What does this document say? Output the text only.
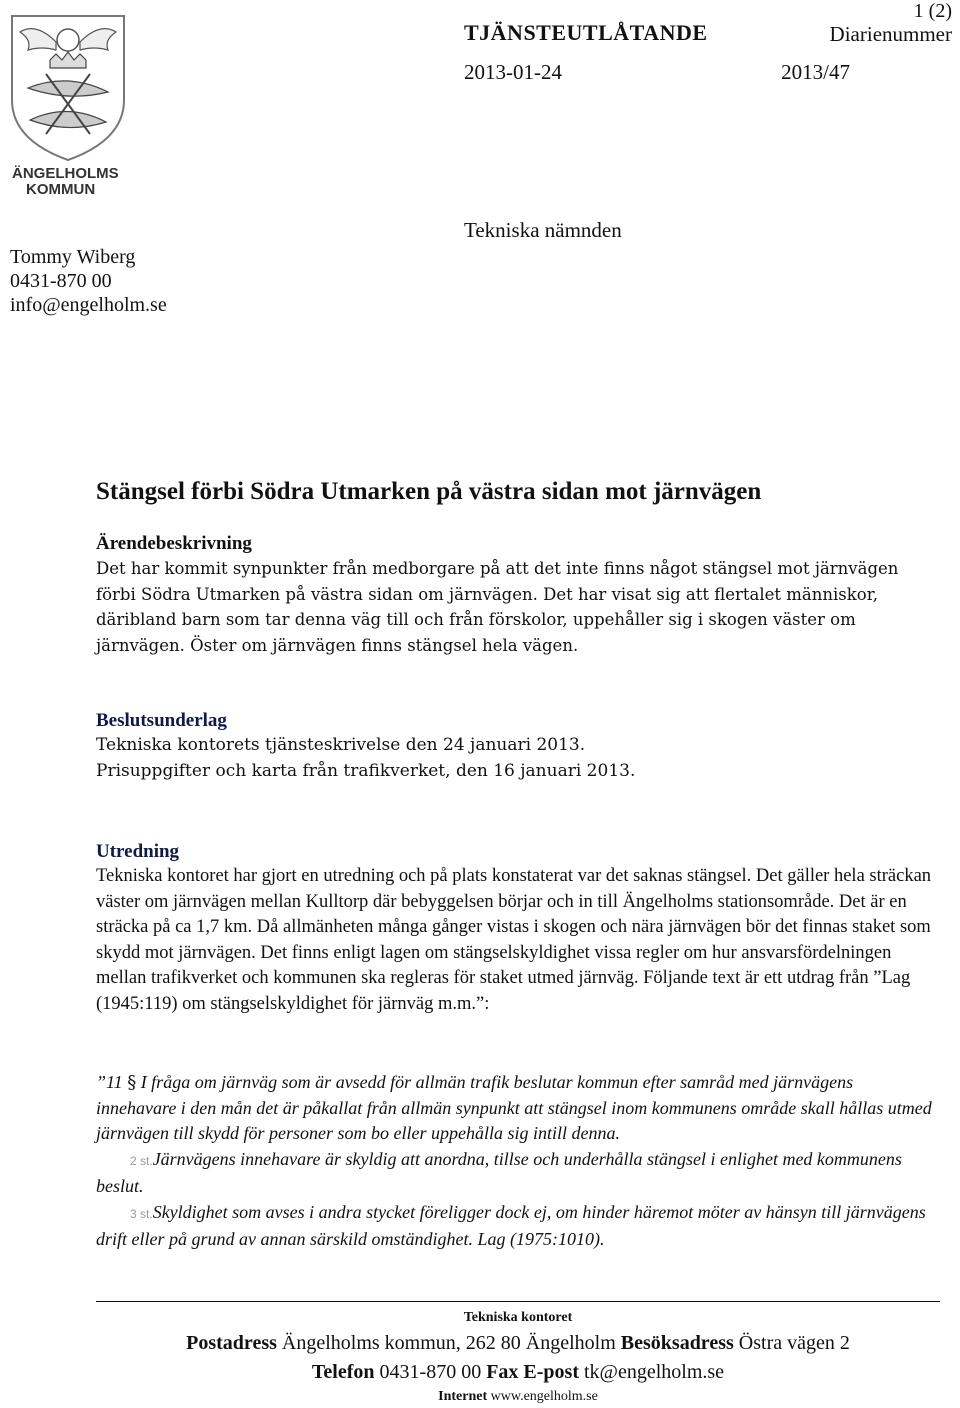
ÄNGELHOLMS
KOMMUN
1 (2)
TJÄNSTEUTLÅTANDE	Diarienummer
2013-01-24	2013/47
Tommy Wiberg
0431-870 00
info@engelholm.se
Tekniska nämnden
Stängsel förbi Södra Utmarken på västra sidan mot järnvägen

Ärendebeskrivning

Det har kommit synpunkter från medborgare på att det inte finns något stängsel mot järnvägen förbi Södra Utmarken på västra sidan om järnvägen. Det har visat sig att flertalet människor, däribland barn som tar denna väg till och från förskolor, uppehåller sig i skogen väster om järnvägen. Öster om järnvägen finns stängsel hela vägen.

Beslutsunderlag

Tekniska kontorets tjänsteskrivelse den 24 januari 2013.

Prisuppgifter och karta från trafikverket, den 16 januari 2013.

Utredning

Tekniska kontoret har gjort en utredning och på plats konstaterat var det saknas stängsel. Det gäller hela sträckan väster om järnvägen mellan Kulltorp där bebyggelsen börjar och in till Ängelholms stationsområde. Det är en sträcka på ca 1,7 km. Då allmänheten många gånger vistas i skogen och nära järnvägen bör det finnas staket som skydd mot järnvägen. Det finns enligt lagen om stängselskyldighet vissa regler om hur ansvarsfördelningen mellan trafikverket och kommunen ska regleras för staket utmed järnväg. Följande text är ett utdrag från ”Lag (1945:119) om stängselskyldighet för järnväg m.m.”:

”11 § I fråga om järnväg som är avsedd för allmän trafik beslutar kommun efter samråd med järnvägens innehavare i den mån det är påkallat från allmän synpunkt att stängsel inom kommunens område skall hållas utmed järnvägen till skydd för personer som bo eller uppehålla sig intill denna.

2 st.Järnvägens innehavare är skyldig att anordna, tillse och underhålla stängsel i enlighet med kommunens beslut.

3 st.Skyldighet som avses i andra stycket föreligger dock ej, om hinder häremot möter av hänsyn till järnvägens drift eller på grund av annan särskild omständighet. Lag (1975:1010).

Tekniska kontoret
Postadress Ängelholms kommun, 262 80 Ängelholm Besöksadress Östra vägen 2
Telefon 0431-870 00 Fax E-post tk@engelholm.se
Internet www.engelholm.se
